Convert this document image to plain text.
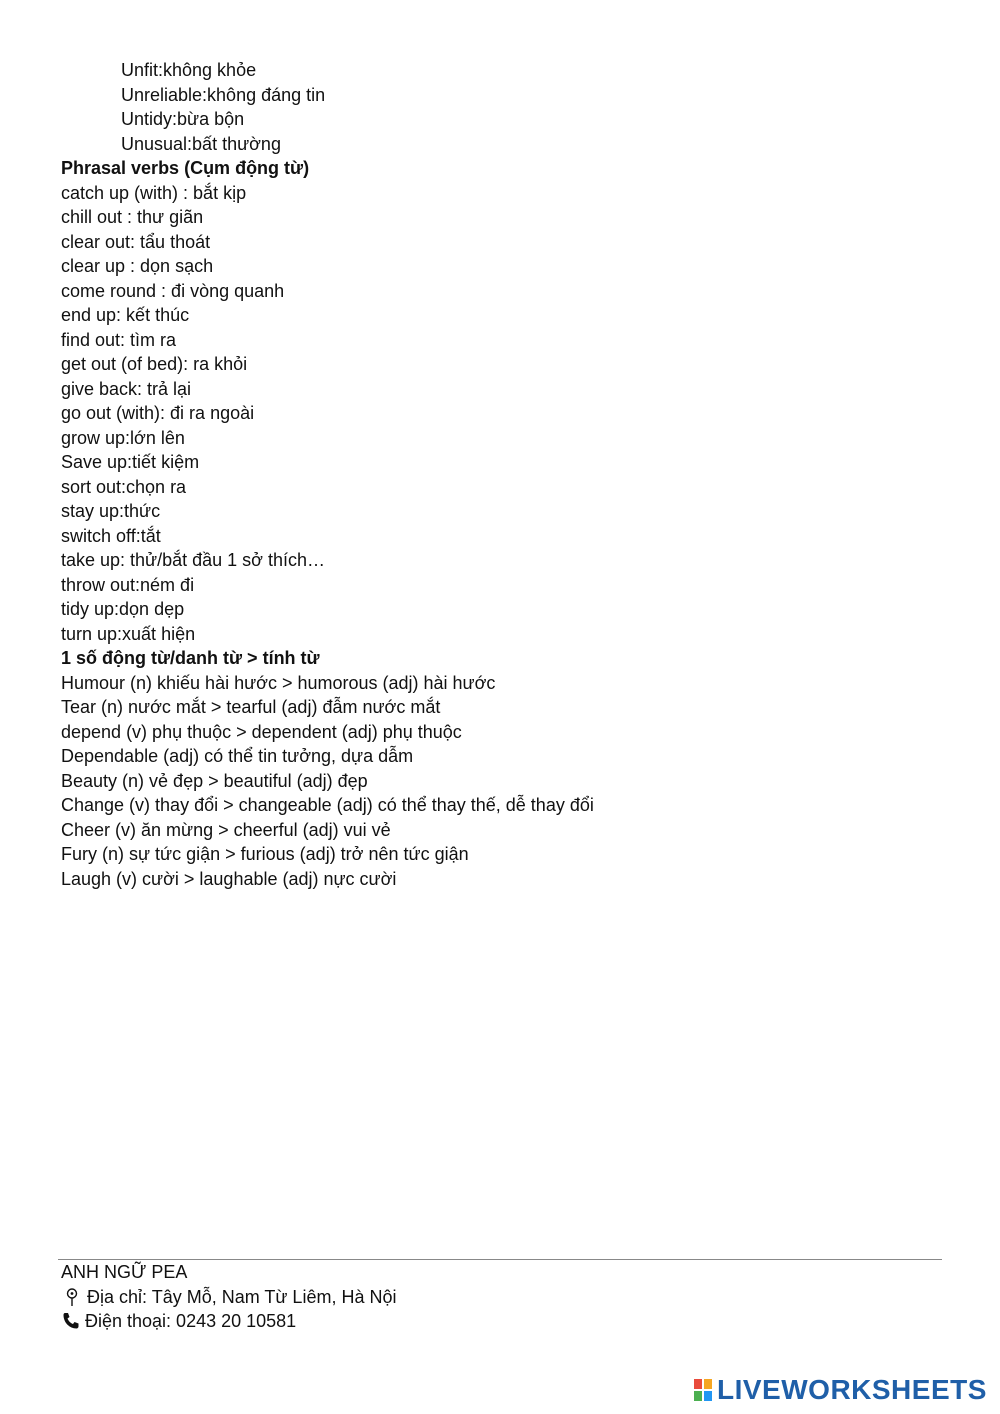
Unfit:không khỏe
Unreliable:không đáng tin
Untidy:bừa bộn
Unusual:bất thường
Phrasal verbs (Cụm động từ)
catch up (with) : bắt kịp
chill out : thư giãn
clear out: tẩu thoát
clear up : dọn sạch
come round : đi vòng quanh
end up: kết thúc
find out: tìm ra
get out (of bed): ra khỏi
give back: trả lại
go out (with): đi ra ngoài
grow up:lớn lên
Save up:tiết kiệm
sort out:chọn ra
stay up:thức
switch off:tắt
take up: thử/bắt đầu 1 sở thích…
throw out:ném đi
tidy up:dọn dẹp
turn up:xuất hiện
1 số động từ/danh từ > tính từ
Humour (n) khiếu hài hước > humorous (adj) hài hước
Tear (n) nước mắt > tearful (adj) đẫm nước mắt
depend (v) phụ thuộc > dependent (adj) phụ thuộc
Dependable (adj) có thể tin tưởng, dựa dẫm
Beauty (n) vẻ đẹp > beautiful (adj) đẹp
Change (v) thay đổi > changeable (adj) có thể thay thế, dễ thay đổi
Cheer (v) ăn mừng > cheerful (adj) vui vẻ
Fury (n) sự tức giận > furious (adj) trở nên tức giận
Laugh (v) cười > laughable (adj) nực cười
ANH NGỮ PEA
Địa chỉ: Tây Mỗ, Nam Từ Liêm, Hà Nội
Điện thoại: 0243 20 10581
LIVEWORKSHEETS
